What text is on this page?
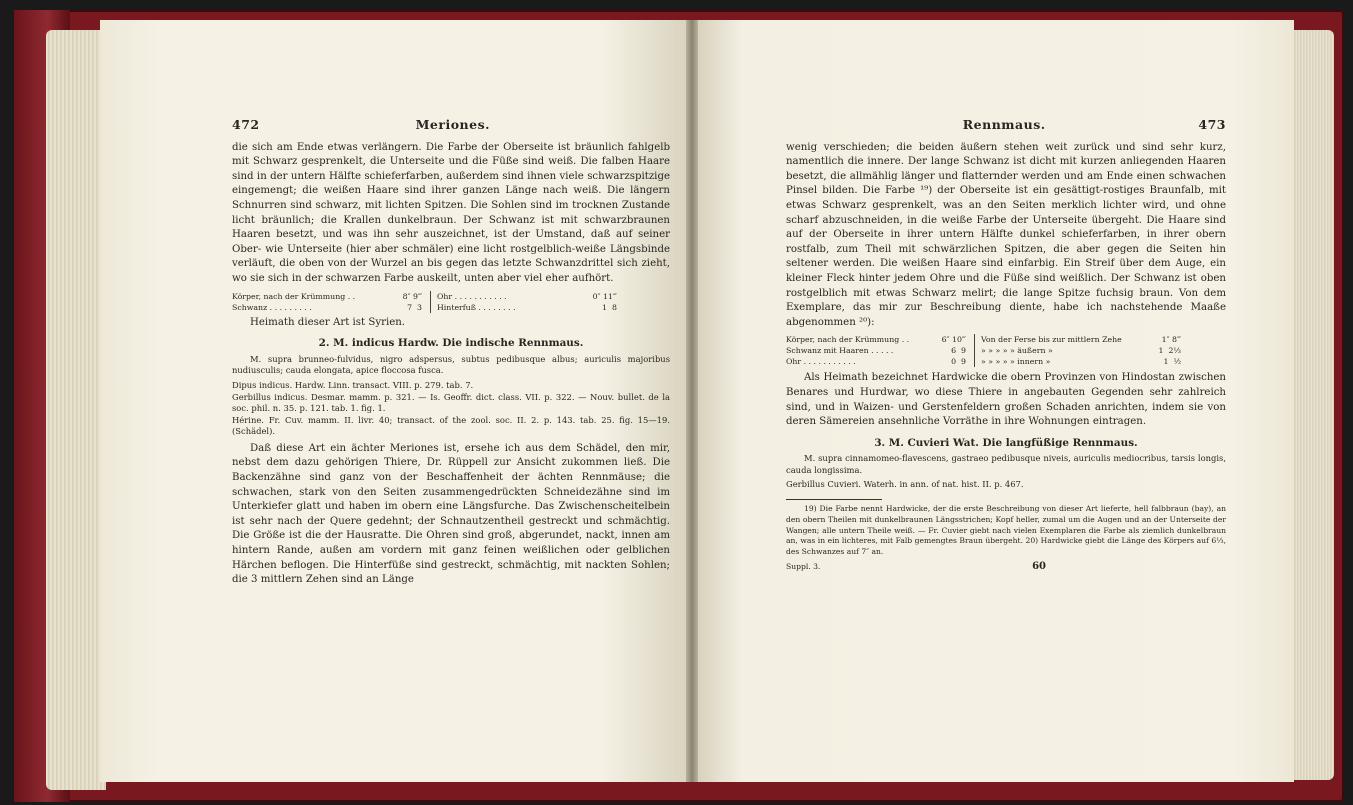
472	Meriones.

die sich am Ende etwas verlängern. Die Farbe der Oberseite ist bräunlich fahlgelb mit Schwarz gesprenkelt, die Unterseite und die Füße sind weiß. Die falben Haare sind in der untern Hälfte schieferfarben, außerdem sind ihnen viele schwarzspitzige eingemengt; die weißen Haare sind ihrer ganzen Länge nach weiß. Die längern Schnurren sind schwarz, mit lichten Spitzen. Die Sohlen sind im trocknen Zustande licht bräunlich; die Krallen dunkelbraun. Der Schwanz ist mit schwarzbraunen Haaren besetzt, und was ihn sehr auszeichnet, ist der Umstand, daß auf seiner Ober- wie Unterseite (hier aber schmäler) eine licht rostgelblich-weiße Längsbinde verläuft, die oben von der Wurzel an bis gegen das letzte Schwanzdrittel sich zieht, wo sie sich in der schwarzen Farbe auskeilt, unten aber viel eher aufhört.

Körper, nach der Krümmung . .	8″ 9‴
Schwanz . . . . . . . . .	7 3
Ohr . . . . . . . . . . .	0″ 11‴
Hinterfuß . . . . . . . .	1 8

Heimath dieser Art ist Syrien.

2. M. indicus Hardw. Die indische Rennmaus.

M. supra brunneo-fulvidus, nigro adspersus, subtus pedibusque albus; auriculis majoribus nudiusculis; cauda elongata, apice floccosa fusca.

Dipus indicus. Hardw. Linn. transact. VIII. p. 279. tab. 7.

Gerbillus indicus. Desmar. mamm. p. 321. — Is. Geoffr. dict. class. VII. p. 322. — Nouv. bullet. de la soc. phil. n. 35. p. 121. tab. 1. fig. 1.

Hérine. Fr. Cuv. mamm. II. livr. 40; transact. of the zool. soc. II. 2. p. 143. tab. 25. fig. 15—19. (Schädel).

Daß diese Art ein ächter Meriones ist, ersehe ich aus dem Schädel, den mir, nebst dem dazu gehörigen Thiere, Dr. Rüppell zur Ansicht zukommen ließ. Die Backenzähne sind ganz von der Beschaffenheit der ächten Rennmäuse; die schwachen, stark von den Seiten zusammengedrückten Schneidezähne sind im Unterkiefer glatt und haben im obern eine Längsfurche. Das Zwischenscheitelbein ist sehr nach der Quere gedehnt; der Schnautzentheil gestreckt und schmächtig. Die Größe ist die der Hausratte. Die Ohren sind groß, abgerundet, nackt, innen am hintern Rande, außen am vordern mit ganz feinen weißlichen oder gelblichen Härchen beflogen. Die Hinterfüße sind gestreckt, schmächtig, mit nackten Sohlen; die 3 mittlern Zehen sind an Länge

Rennmaus.	473

wenig verschieden; die beiden äußern stehen weit zurück und sind sehr kurz, namentlich die innere. Der lange Schwanz ist dicht mit kurzen anliegenden Haaren besetzt, die allmählig länger und flatternder werden und am Ende einen schwachen Pinsel bilden. Die Farbe ¹⁹) der Oberseite ist ein gesättigt-rostiges Braunfalb, mit etwas Schwarz gesprenkelt, was an den Seiten merklich lichter wird, und ohne scharf abzuschneiden, in die weiße Farbe der Unterseite übergeht. Die Haare sind auf der Oberseite in ihrer untern Hälfte dunkel schieferfarben, in ihrer obern rostfalb, zum Theil mit schwärzlichen Spitzen, die aber gegen die Seiten hin seltener werden. Die weißen Haare sind einfarbig. Ein Streif über dem Auge, ein kleiner Fleck hinter jedem Ohre und die Füße sind weißlich. Der Schwanz ist oben rostgelblich mit etwas Schwarz melirt; die lange Spitze fuchsig braun. Von dem Exemplare, das mir zur Beschreibung diente, habe ich nachstehende Maaße abgenommen ²⁰):

Körper, nach der Krümmung . .	6″ 10‴
Schwanz mit Haaren . . . . .	6 9
Ohr . . . . . . . . . . .	0 9
Von der Ferse bis zur mittlern Zehe	1″ 8‴
» » » » » äußern »	1 2⅓
» » » » » innern »	1 ½

Als Heimath bezeichnet Hardwicke die obern Provinzen von Hindostan zwischen Benares und Hurdwar, wo diese Thiere in angebauten Gegenden sehr zahlreich sind, und in Waizen- und Gerstenfeldern großen Schaden anrichten, indem sie von deren Sämereien ansehnliche Vorräthe in ihre Wohnungen eintragen.

3. M. Cuvieri Wat. Die langfüßige Rennmaus.

M. supra cinnamomeo-flavescens, gastraeo pedibusque niveis, auriculis mediocribus, tarsis longis, cauda longissima.

Gerbillus Cuvieri. Waterh. in ann. of nat. hist. II. p. 467.

19) Die Farbe nennt Hardwicke, der die erste Beschreibung von dieser Art lieferte, hell falbbraun (bay), an den obern Theilen mit dunkelbraunen Längsstrichen; Kopf heller, zumal um die Augen und an der Unterseite der Wangen; alle untern Theile weiß. — Fr. Cuvier giebt nach vielen Exemplaren die Farbe als ziemlich dunkelbraun an, was in ein lichteres, mit Falb gemengtes Braun übergeht. 20) Hardwicke giebt die Länge des Körpers auf 6⅓, des Schwanzes auf 7″ an.

Suppl. 3.	60
